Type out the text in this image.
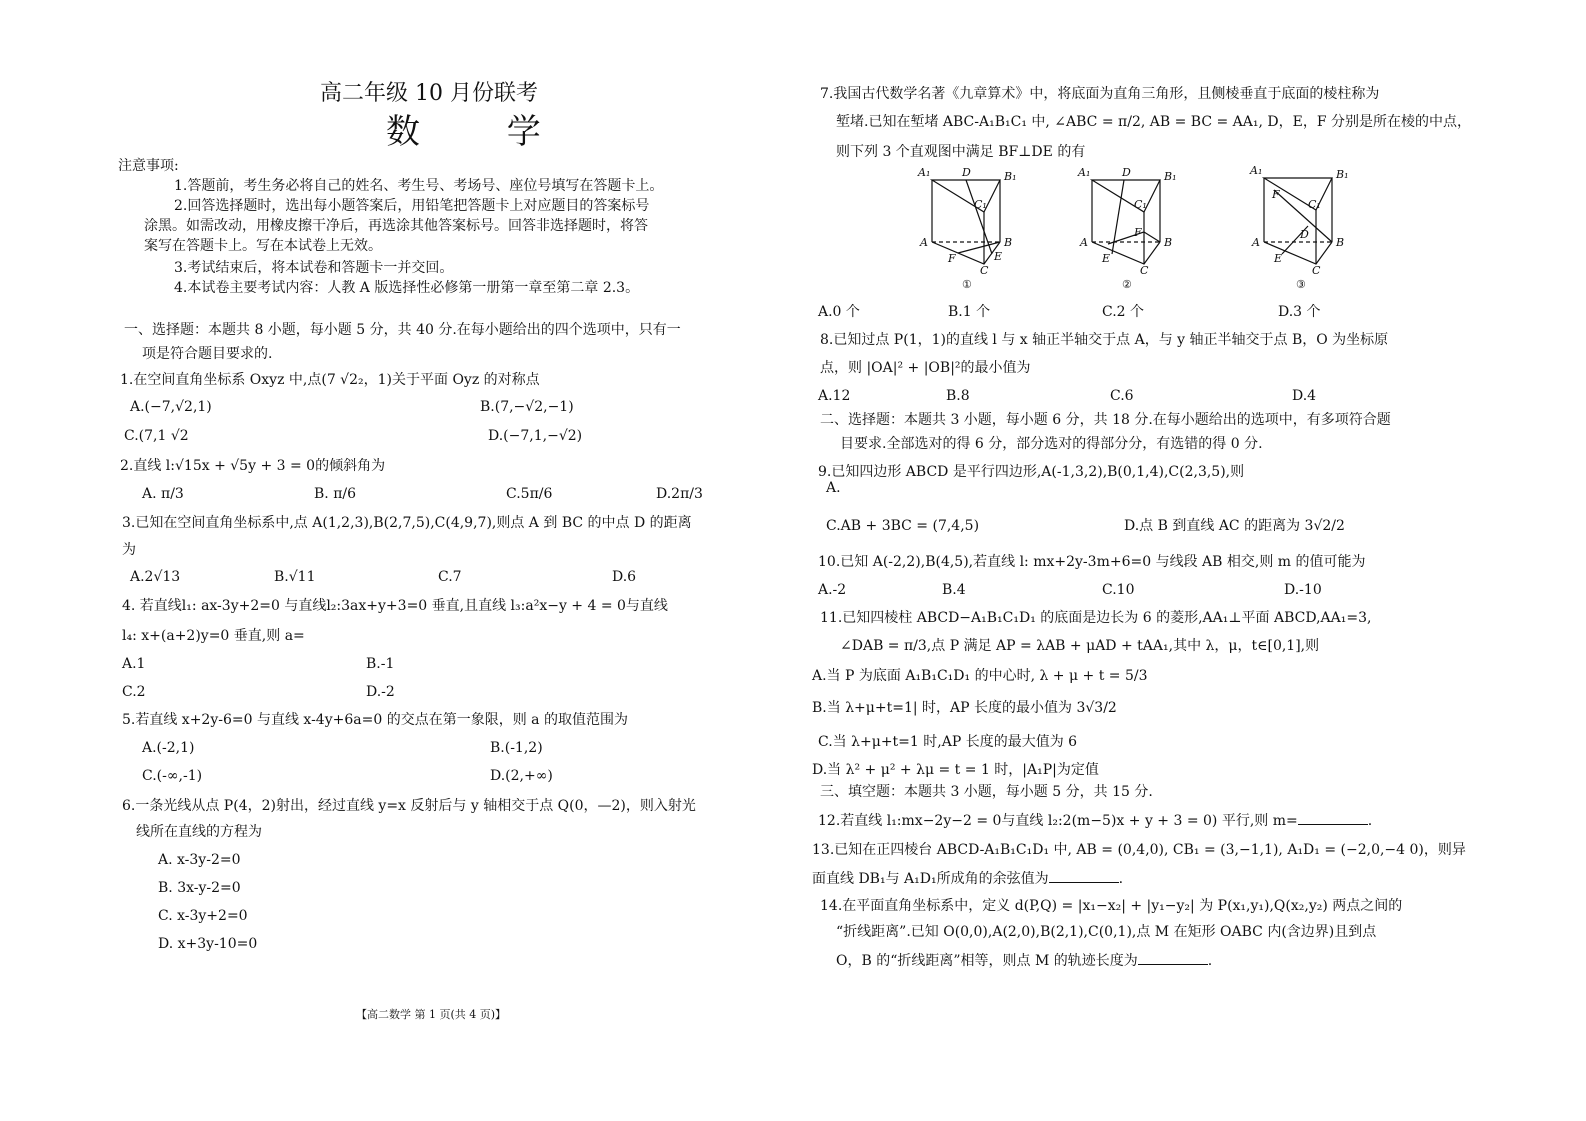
高二年级 10 月份联考
数 学
注意事项:
1.答题前，考生务必将自己的姓名、考生号、考场号、座位号填写在答题卡上。
2.回答选择题时，选出每小题答案后，用铅笔把答题卡上对应题目的答案标号
涂黑。如需改动，用橡皮擦干净后，再选涂其他答案标号。回答非选择题时，将答
案写在答题卡上。写在本试卷上无效。
3.考试结束后，将本试卷和答题卡一并交回。
4.本试卷主要考试内容：人教 A 版选择性必修第一册第一章至第二章 2.3。
一、选择题：本题共 8 小题，每小题 5 分，共 40 分.在每小题给出的四个选项中，只有一
项是符合题目要求的.
1.在空间直角坐标系 Oxyz 中,点(7 √2₂，1)关于平面 Oyz 的对称点
A.(−7,√2,1)	B.(7,−√2,−1)
C.(7,1 √2	D.(−7,1,−√2)
2.直线 l:√15x + √5y + 3 = 0的倾斜角为
A. π/3	B. π/6	C.5π/6	D.2π/3
3.已知在空间直角坐标系中,点 A(1,2,3),B(2,7,5),C(4,9,7),则点 A 到 BC 的中点 D 的距离
为
A.2√13	B.√11	C.7	D.6
4. 若直线l₁: ax-3y+2=0 与直线l₂:3ax+y+3=0 垂直,且直线 l₃:a²x−y + 4 = 0与直线
l₄: x+(a+2)y=0 垂直,则 a=
A.1	B.-1
C.2	D.-2
5.若直线 x+2y-6=0 与直线 x-4y+6a=0 的交点在第一象限，则 a 的取值范围为
A.(-2,1)	B.(-1,2)
C.(-∞,-1)	D.(2,+∞)
6.一条光线从点 P(4，2)射出，经过直线 y=x 反射后与 y 轴相交于点 Q(0，—2)，则入射光
线所在直线的方程为
A. x-3y-2=0
B. 3x-y-2=0
C. x-3y+2=0
D. x+3y-10=0
【高二数学 第 1 页(共 4 页)】
7.我国古代数学名著《九章算术》中，将底面为直角三角形，且侧棱垂直于底面的棱柱称为
堑堵.已知在堑堵 ABC-A₁B₁C₁ 中, ∠ABC = π/2, AB = BC = AA₁, D，E，F 分别是所在棱的中点，
则下列 3 个直观图中满足 BF⊥DE 的有
A₁	D	B₁
C₁
A	B
F	E
C
①
A₁	D	B₁
C₁
F
A	B
E
C
②
A₁	B₁
F
C₁
D
A	B
E
C
③
A.0 个	B.1 个	C.2 个	D.3 个
8.已知过点 P(1，1)的直线 l 与 x 轴正半轴交于点 A，与 y 轴正半轴交于点 B，O 为坐标原
点，则 |OA|² + |OB|²的最小值为
A.12	B.8	C.6	D.4
二、选择题：本题共 3 小题，每小题 6 分，共 18 分.在每小题给出的选项中，有多项符合题
目要求.全部选对的得 6 分，部分选对的得部分分，有选错的得 0 分.
9.已知四边形 ABCD 是平行四边形,A(-1,3,2),B(0,1,4),C(2,3,5),则
A.
C.AB + 3BC = (7,4,5)	D.点 B 到直线 AC 的距离为 3√2/2
10.已知 A(-2,2),B(4,5),若直线 l: mx+2y-3m+6=0 与线段 AB 相交,则 m 的值可能为
A.-2	B.4	C.10	D.-10
11.已知四棱柱 ABCD−A₁B₁C₁D₁ 的底面是边长为 6 的菱形,AA₁⊥平面 ABCD,AA₁=3,
∠DAB = π/3,点 P 满足 AP = λAB + μAD + tAA₁,其中 λ，μ，t∈[0,1],则
A.当 P 为底面 A₁B₁C₁D₁ 的中心时, λ + μ + t = 5/3
B.当 λ+μ+t=1| 时，AP 长度的最小值为 3√3/2
C.当 λ+μ+t=1 时,AP 长度的最大值为 6
D.当 λ² + μ² + λμ = t = 1 时，|A₁P|为定值
三、填空题：本题共 3 小题，每小题 5 分，共 15 分.
12.若直线 l₁:mx−2y−2 = 0与直线 l₂:2(m−5)x + y + 3 = 0) 平行,则 m=	.
13.已知在正四棱台 ABCD-A₁B₁C₁D₁ 中, AB = (0,4,0), CB₁ = (3,−1,1), A₁D₁ = (−2,0,−4 0)，则异
面直线 DB₁与 A₁D₁所成角的余弦值为	.
14.在平面直角坐标系中，定义 d(P,Q) = |x₁−x₂| + |y₁−y₂| 为 P(x₁,y₁),Q(x₂,y₂) 两点之间的
“折线距离”.已知 O(0,0),A(2,0),B(2,1),C(0,1),点 M 在矩形 OABC 内(含边界)且到点
O，B 的“折线距离”相等，则点 M 的轨迹长度为	.
